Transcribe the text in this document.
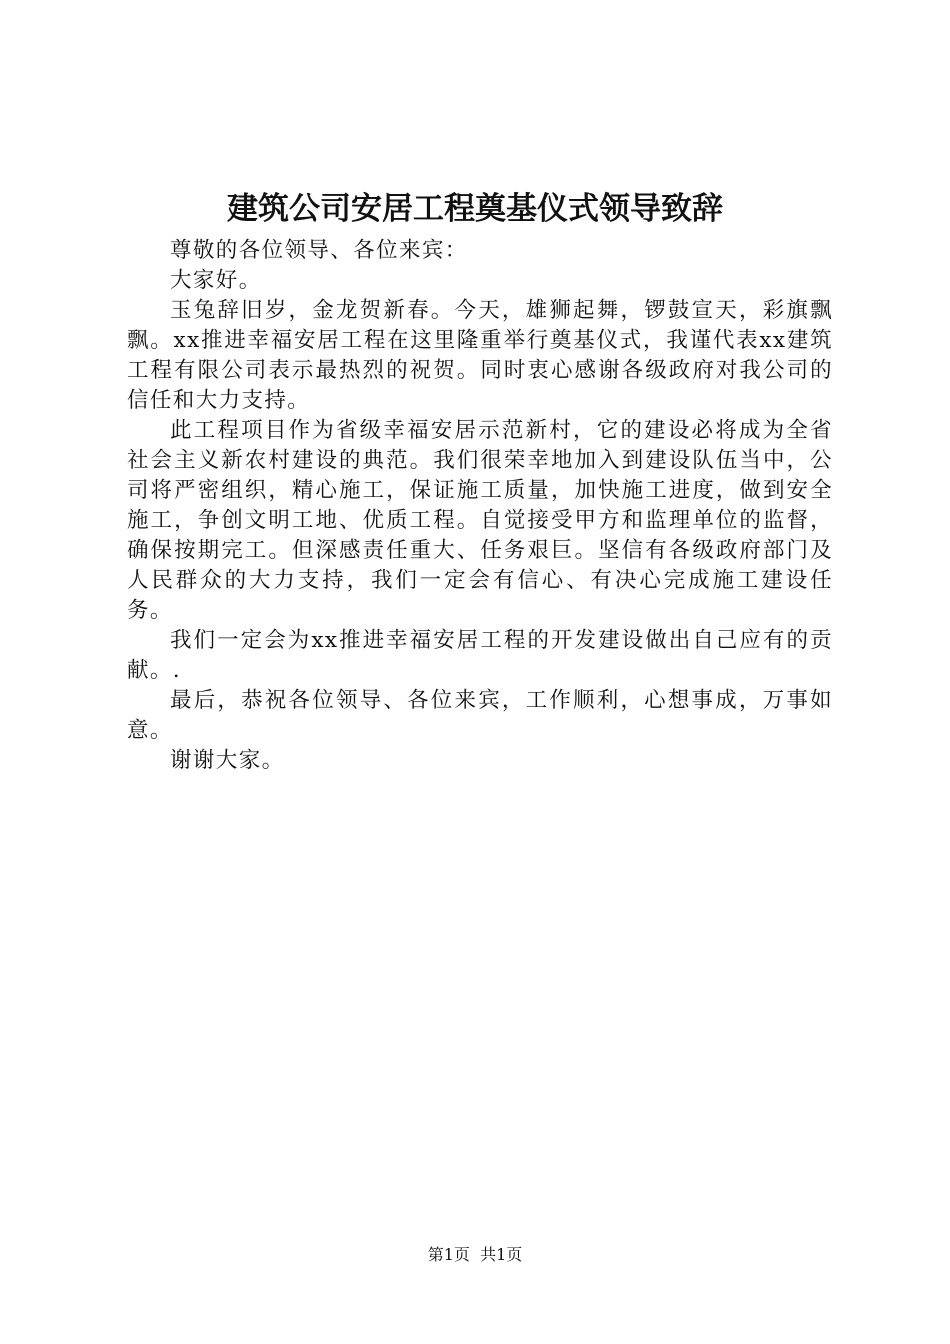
建筑公司安居工程奠基仪式领导致辞

尊敬的各位领导、各位来宾：

大家好。

玉兔辞旧岁，金龙贺新春。今天，雄狮起舞，锣鼓宣天，彩旗飘飘。xx推进幸福安居工程在这里隆重举行奠基仪式，我谨代表xx建筑工程有限公司表示最热烈的祝贺。同时衷心感谢各级政府对我公司的信任和大力支持。

此工程项目作为省级幸福安居示范新村，它的建设必将成为全省社会主义新农村建设的典范。我们很荣幸地加入到建设队伍当中，公司将严密组织，精心施工，保证施工质量，加快施工进度，做到安全施工，争创文明工地、优质工程。自觉接受甲方和监理单位的监督，确保按期完工。但深感责任重大、任务艰巨。坚信有各级政府部门及人民群众的大力支持，我们一定会有信心、有决心完成施工建设任务。

我们一定会为xx推进幸福安居工程的开发建设做出自己应有的贡献。.

最后，恭祝各位领导、各位来宾，工作顺利，心想事成，万事如意。

谢谢大家。

第1页  共1页
